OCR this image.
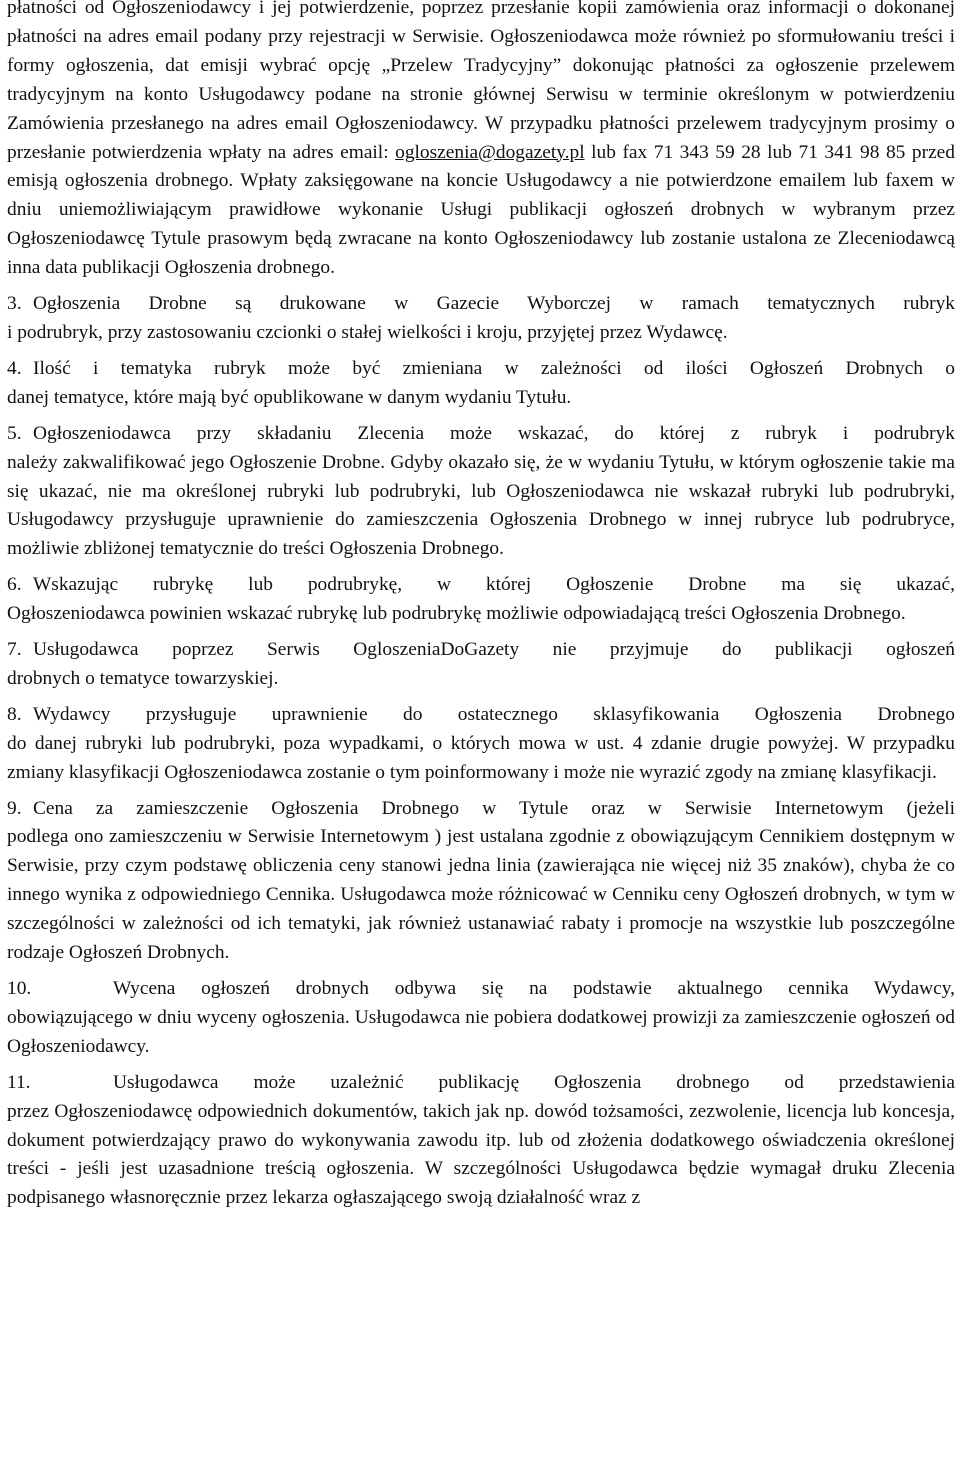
płatności od Ogłoszeniodawcy i jej potwierdzenie, poprzez przesłanie kopii zamówienia oraz informacji o dokonanej płatności na adres email podany przy rejestracji w Serwisie. Ogłoszeniodawca może również po sformułowaniu treści i formy ogłoszenia, dat emisji wybrać opcję „Przelew Tradycyjny” dokonując płatności za ogłoszenie przelewem tradycyjnym na konto Usługodawcy podane na stronie głównej Serwisu w terminie określonym w potwierdzeniu Zamówienia przesłanego na adres email Ogłoszeniodawcy. W przypadku płatności przelewem tradycyjnym prosimy o przesłanie potwierdzenia wpłaty na adres email: ogloszenia@dogazety.pl lub fax 71 343 59 28 lub 71 341 98 85 przed emisją ogłoszenia drobnego. Wpłaty zaksięgowane na koncie Usługodawcy a nie potwierdzone emailem lub faxem w dniu uniemożliwiającym prawidłowe wykonanie Usługi publikacji ogłoszeń drobnych w wybranym przez Ogłoszeniodawcę Tytule prasowym będą zwracane na konto Ogłoszeniodawcy lub zostanie ustalona ze Zleceniodawcą inna data publikacji Ogłoszenia drobnego.

3. Ogłoszenia Drobne są drukowane w Gazecie Wyborczej w ramach tematycznych rubryk
i podrubryk, przy zastosowaniu czcionki o stałej wielkości i kroju, przyjętej przez Wydawcę.
4. Ilość i tematyka rubryk może być zmieniana w zależności od ilości Ogłoszeń Drobnych o
danej tematyce, które mają być opublikowane w danym wydaniu Tytułu.
5. Ogłoszeniodawca przy składaniu Zlecenia może wskazać, do której z rubryk i podrubryk
należy zakwalifikować jego Ogłoszenie Drobne. Gdyby okazało się, że w wydaniu Tytułu, w którym ogłoszenie takie ma się ukazać, nie ma określonej rubryki lub podrubryki, lub Ogłoszeniodawca nie wskazał rubryki lub podrubryki, Usługodawcy przysługuje uprawnienie do zamieszczenia Ogłoszenia Drobnego w innej rubryce lub podrubryce, możliwie zbliżonej tematycznie do treści Ogłoszenia Drobnego.
6. Wskazując rubrykę lub podrubrykę, w której Ogłoszenie Drobne ma się ukazać,
Ogłoszeniodawca powinien wskazać rubrykę lub podrubrykę możliwie odpowiadającą treści Ogłoszenia Drobnego.
7. Usługodawca poprzez Serwis OgloszeniaDoGazety nie przyjmuje do publikacji ogłoszeń
drobnych o tematyce towarzyskiej.
8. Wydawcy przysługuje uprawnienie do ostatecznego sklasyfikowania Ogłoszenia Drobnego
do danej rubryki lub podrubryki, poza wypadkami, o których mowa w ust. 4 zdanie drugie powyżej. W przypadku zmiany klasyfikacji Ogłoszeniodawca zostanie o tym poinformowany i może nie wyrazić zgody na zmianę klasyfikacji.
9. Cena za zamieszczenie Ogłoszenia Drobnego w Tytule oraz w Serwisie Internetowym (jeżeli
podlega ono zamieszczeniu w Serwisie Internetowym ) jest ustalana zgodnie z obowiązującym Cennikiem dostępnym w Serwisie, przy czym podstawę obliczenia ceny stanowi jedna linia (zawierająca nie więcej niż 35 znaków), chyba że co innego wynika z odpowiedniego Cennika. Usługodawca może różnicować w Cenniku ceny Ogłoszeń drobnych, w tym w szczególności w zależności od ich tematyki, jak również ustanawiać rabaty i promocje na wszystkie lub poszczególne rodzaje Ogłoszeń Drobnych.
10.	Wycena ogłoszeń drobnych odbywa się na podstawie aktualnego cennika Wydawcy,
obowiązującego w dniu wyceny ogłoszenia. Usługodawca nie pobiera dodatkowej prowizji za zamieszczenie ogłoszeń od Ogłoszeniodawcy.
11.	Usługodawca może uzależnić publikację Ogłoszenia drobnego od przedstawienia
przez Ogłoszeniodawcę odpowiednich dokumentów, takich jak np. dowód tożsamości, zezwolenie, licencja lub koncesja, dokument potwierdzający prawo do wykonywania zawodu itp. lub od złożenia dodatkowego oświadczenia określonej treści - jeśli jest uzasadnione treścią ogłoszenia. W szczególności Usługodawca będzie wymagał druku Zlecenia podpisanego własnoręcznie przez lekarza ogłaszającego swoją działalność wraz z
